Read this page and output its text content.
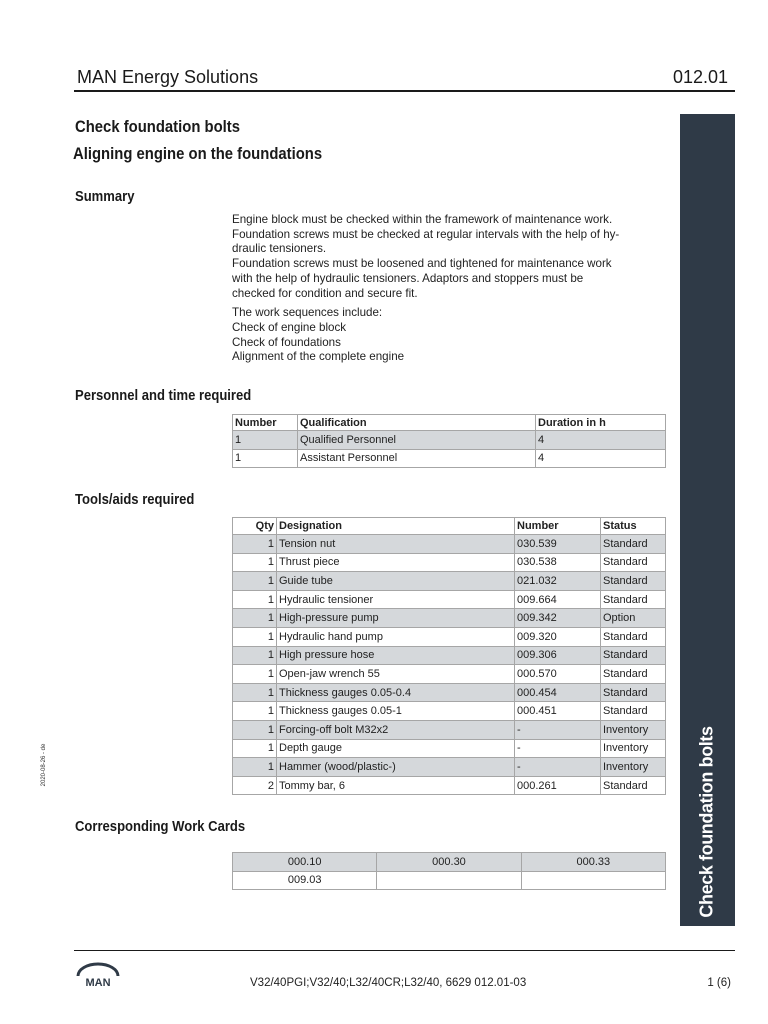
MAN Energy Solutions	012.01
Check foundation bolts
Check foundation bolts
Aligning engine on the foundations
Summary

Engine block must be checked within the framework of maintenance work.

Foundation screws must be checked at regular intervals with the help of hy-

draulic tensioners.

Foundation screws must be loosened and tightened for maintenance work

with the help of hydraulic tensioners. Adaptors and stoppers must be

checked for condition and secure fit.

The work sequences include:

Check of engine block

Check of foundations

Alignment of the complete engine

Personnel and time required
Number	Qualification	Duration in h
1	Qualified Personnel	4
1	Assistant Personnel	4
Tools/aids required
Qty	Designation	Number	Status
1	Tension nut	030.539	Standard
1	Thrust piece	030.538	Standard
1	Guide tube	021.032	Standard
1	Hydraulic tensioner	009.664	Standard
1	High-pressure pump	009.342	Option
1	Hydraulic hand pump	009.320	Standard
1	High pressure hose	009.306	Standard
1	Open-jaw wrench 55	000.570	Standard
1	Thickness gauges 0.05-0.4	000.454	Standard
1	Thickness gauges 0.05-1	000.451	Standard
1	Forcing-off bolt M32x2	-	Inventory
1	Depth gauge	-	Inventory
1	Hammer (wood/plastic-)	-	Inventory
2	Tommy bar, 6	000.261	Standard
Corresponding Work Cards
000.10	000.30	000.33
009.03		
MAN	V32/40PGI;V32/40;L32/40CR;L32/40, 6629 012.01-03	1 (6)
2020-08-26 - de
